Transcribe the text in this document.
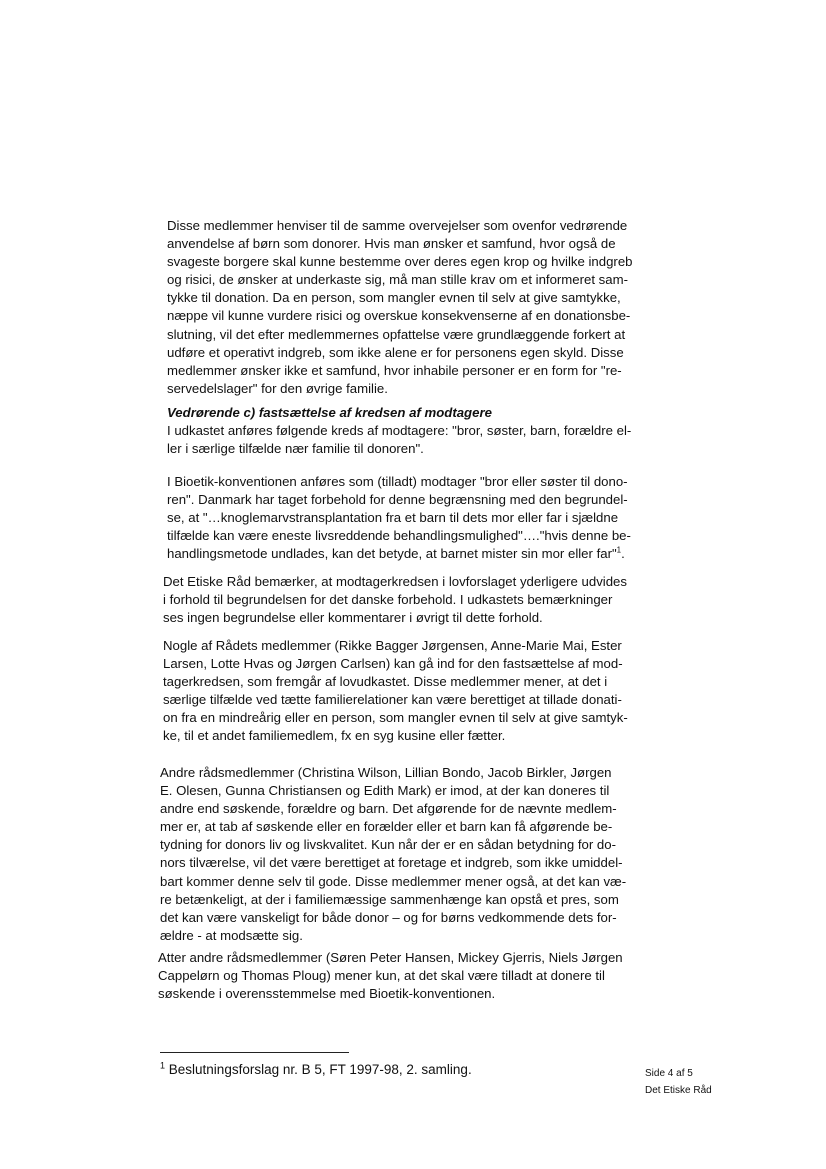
Disse medlemmer henviser til de samme overvejelser som ovenfor vedrørende
anvendelse af børn som donorer. Hvis man ønsker et samfund, hvor også de
svageste borgere skal kunne bestemme over deres egen krop og hvilke indgreb
og risici, de ønsker at underkaste sig, må man stille krav om et informeret sam-
tykke til donation. Da en person, som mangler evnen til selv at give samtykke,
næppe vil kunne vurdere risici og overskue konsekvenserne af en donationsbe-
slutning, vil det efter medlemmernes opfattelse være grundlæggende forkert at
udføre et operativt indgreb, som ikke alene er for personens egen skyld. Disse
medlemmer ønsker ikke et samfund, hvor inhabile personer er en form for "re-
servedelslager" for den øvrige familie.
Vedrørende c) fastsættelse af kredsen af modtagere
I udkastet anføres følgende kreds af modtagere: "bror, søster, barn, forældre el-
ler i særlige tilfælde nær familie til donoren".
I Bioetik-konventionen anføres som (tilladt) modtager "bror eller søster til dono-
ren". Danmark har taget forbehold for denne begrænsning med den begrundel-
se, at "…knoglemarvstransplantation fra et barn til dets mor eller far i sjældne
tilfælde kan være eneste livsreddende behandlingsmulighed"…."hvis denne be-
handlingsmetode undlades, kan det betyde, at barnet mister sin mor eller far"$^1$.
Det Etiske Råd bemærker, at modtagerkredsen i lovforslaget yderligere udvides
i forhold til begrundelsen for det danske forbehold. I udkastets bemærkninger
ses ingen begrundelse eller kommentarer i øvrigt til dette forhold.
Nogle af Rådets medlemmer (Rikke Bagger Jørgensen, Anne-Marie Mai, Ester
Larsen, Lotte Hvas og Jørgen Carlsen) kan gå ind for den fastsættelse af mod-
tagerkredsen, som fremgår af lovudkastet. Disse medlemmer mener, at det i
særlige tilfælde ved tætte familierelationer kan være berettiget at tillade donati-
on fra en mindreårig eller en person, som mangler evnen til selv at give samtyk-
ke, til et andet familiemedlem, fx en syg kusine eller fætter.
Andre rådsmedlemmer (Christina Wilson, Lillian Bondo, Jacob Birkler, Jørgen
E. Olesen, Gunna Christiansen og Edith Mark) er imod, at der kan doneres til
andre end søskende, forældre og barn. Det afgørende for de nævnte medlem-
mer er, at tab af søskende eller en forælder eller et barn kan få afgørende be-
tydning for donors liv og livskvalitet. Kun når der er en sådan betydning for do-
nors tilværelse, vil det være berettiget at foretage et indgreb, som ikke umiddel-
bart kommer denne selv til gode. Disse medlemmer mener også, at det kan væ-
re betænkeligt, at der i familiemæssige sammenhænge kan opstå et pres, som
det kan være vanskeligt for både donor – og for børns vedkommende dets for-
ældre - at modsætte sig.
Atter andre rådsmedlemmer (Søren Peter Hansen, Mickey Gjerris, Niels Jørgen
Cappelørn og Thomas Ploug) mener kun, at det skal være tilladt at donere til
søskende i overensstemmelse med Bioetik-konventionen.
$^1$ Beslutningsforslag nr. B 5, FT 1997-98, 2. samling.	Side 4 af 5
Det Etiske Råd
